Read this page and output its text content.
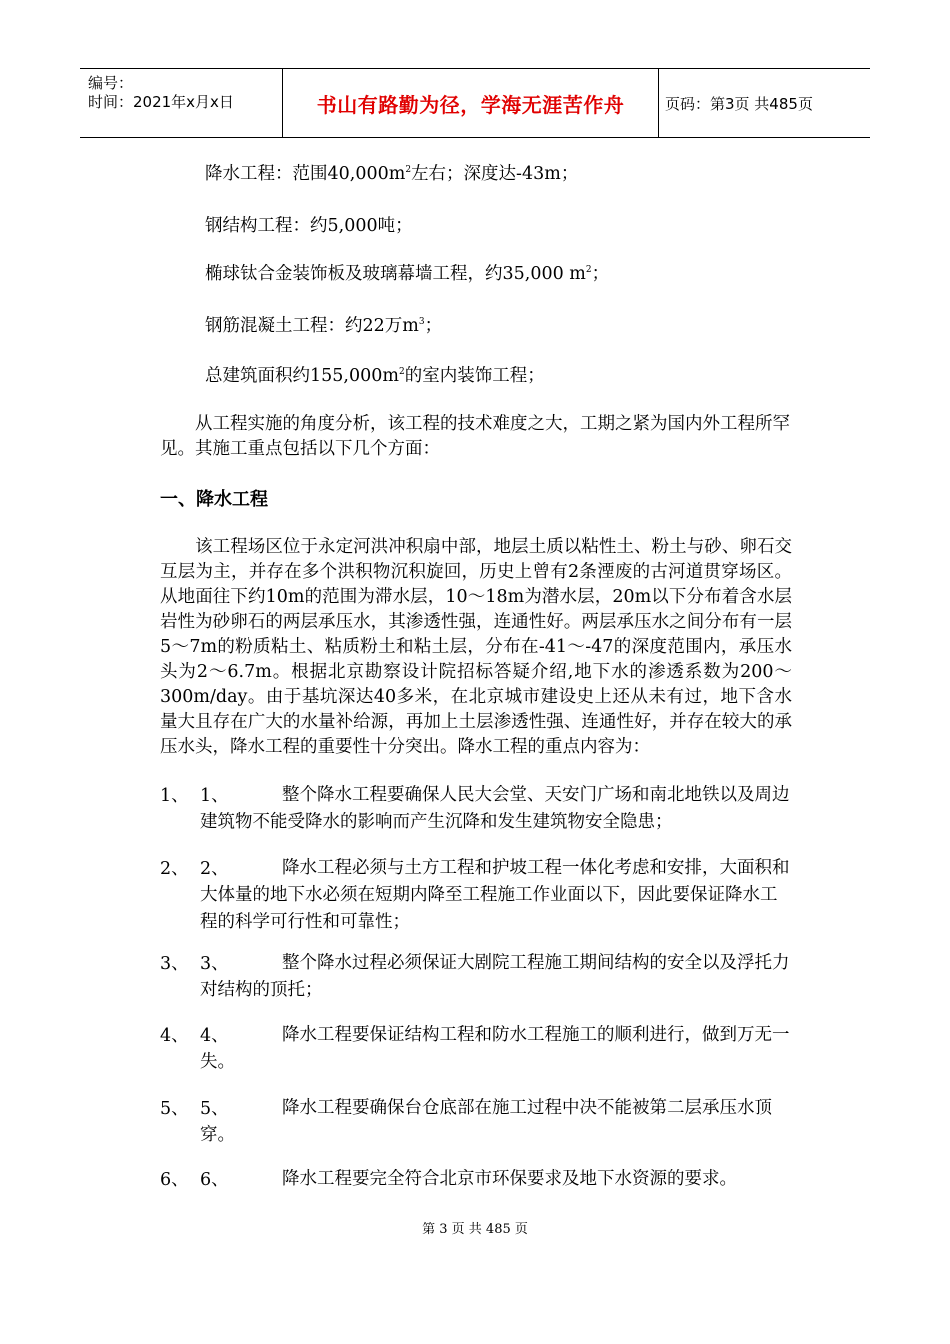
编号：
时间：2021年x月x日	书山有路勤为径，学海无涯苦作舟	页码：第3页 共485页
降水工程：范围$40,000m^2$左右；深度达-43m；
钢结构工程：约5,000吨；
椭球钛合金装饰板及玻璃幕墙工程，约35,000 $m^2$；
钢筋混凝土工程：约22万$m^3$；
总建筑面积约$155,000m^2$的室内装饰工程；
　　从工程实施的角度分析，该工程的技术难度之大，工期之紧为国内外工程所罕见。其施工重点包括以下几个方面：
一、降水工程
　　该工程场区位于永定河洪冲积扇中部，地层土质以粘性土、粉土与砂、卵石交互层为主，并存在多个洪积物沉积旋回，历史上曾有2条湮废的古河道贯穿场区。从地面往下约10m的范围为滞水层，10～18m为潜水层，20m以下分布着含水层岩性为砂卵石的两层承压水，其渗透性强，连通性好。两层承压水之间分布有一层5～7m的粉质粘土、粘质粉土和粘土层，分布在-41～-47的深度范围内，承压水头为2～6.7m。根据北京勘察设计院招标答疑介绍,地下水的渗透系数为200～300m/day。由于基坑深达40多米，在北京城市建设史上还从未有过，地下含水量大且存在广大的水量补给源，再加上土层渗透性强、连通性好，并存在较大的承压水头，降水工程的重要性十分突出。降水工程的重点内容为：
1、 1、	整个降水工程要确保人民大会堂、天安门广场和南北地铁以及周边建筑物不能受降水的影响而产生沉降和发生建筑物安全隐患；
2、 2、	降水工程必须与土方工程和护坡工程一体化考虑和安排，大面积和大体量的地下水必须在短期内降至工程施工作业面以下，因此要保证降水工程的科学可行性和可靠性；
3、 3、	整个降水过程必须保证大剧院工程施工期间结构的安全以及浮托力对结构的顶托；
4、 4、	降水工程要保证结构工程和防水工程施工的顺利进行，做到万无一失。
5、 5、	降水工程要确保台仓底部在施工过程中决不能被第二层承压水顶穿。
6、 6、	降水工程要完全符合北京市环保要求及地下水资源的要求。
第 3 页 共 485 页
